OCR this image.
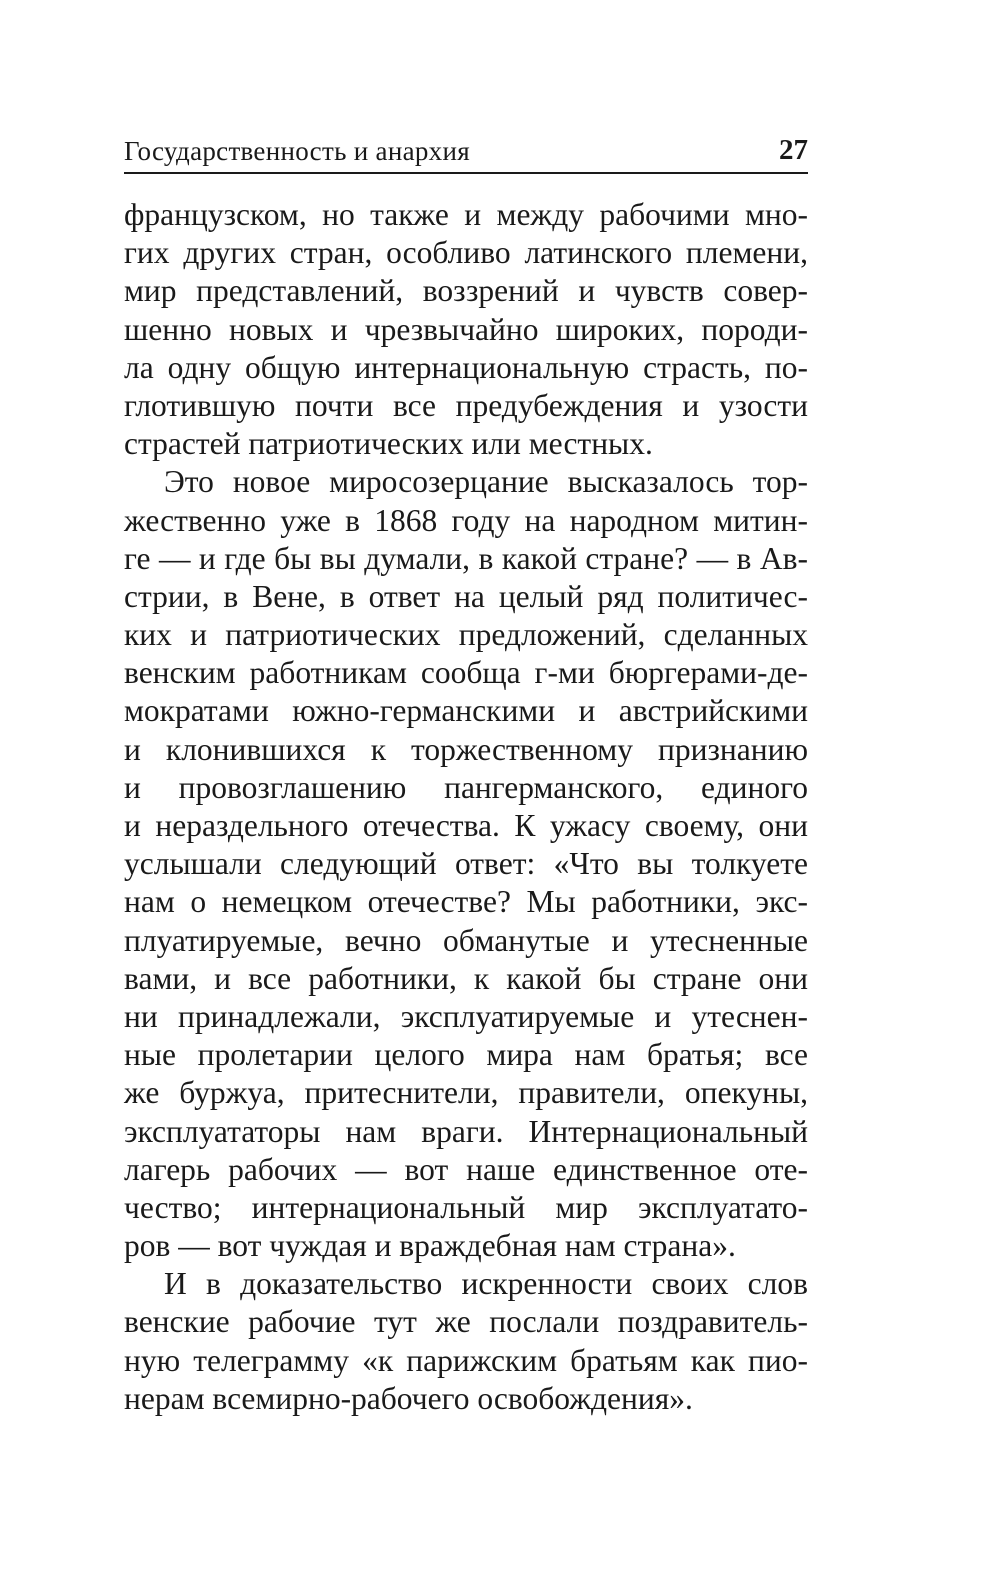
Государственность и анархия	27
французском, но также и между рабочими мно-
гих других стран, особливо латинского племени,
мир представлений, воззрений и чувств совер-
шенно новых и чрезвычайно широких, породи-
ла одну общую интернациональную страсть, по-
глотившую почти все предубеждения и узости
страстей патриотических или местных.
Это новое миросозерцание высказалось тор-
жественно уже в 1868 году на народном митин-
ге — и где бы вы думали, в какой стране? — в Ав-
стрии, в Вене, в ответ на целый ряд политичес-
ких и патриотических предложений, сделанных
венским работникам сообща г-ми бюргерами-де-
мократами южно-германскими и австрийскими
и клонившихся к торжественному признанию
и провозглашению пангерманского, единого
и нераздельного отечества. К ужасу своему, они
услышали следующий ответ: «Что вы толкуете
нам о немецком отечестве? Мы работники, экс-
плуатируемые, вечно обманутые и утесненные
вами, и все работники, к какой бы стране они
ни принадлежали, эксплуатируемые и утеснен-
ные пролетарии целого мира нам братья; все
же буржуа, притеснители, правители, опекуны,
эксплуататоры нам враги. Интернациональный
лагерь рабочих — вот наше единственное оте-
чество; интернациональный мир эксплуатато-
ров — вот чуждая и враждебная нам страна».
И в доказательство искренности своих слов
венские рабочие тут же послали поздравитель-
ную телеграмму «к парижским братьям как пио-
нерам всемирно-рабочего освобождения».
